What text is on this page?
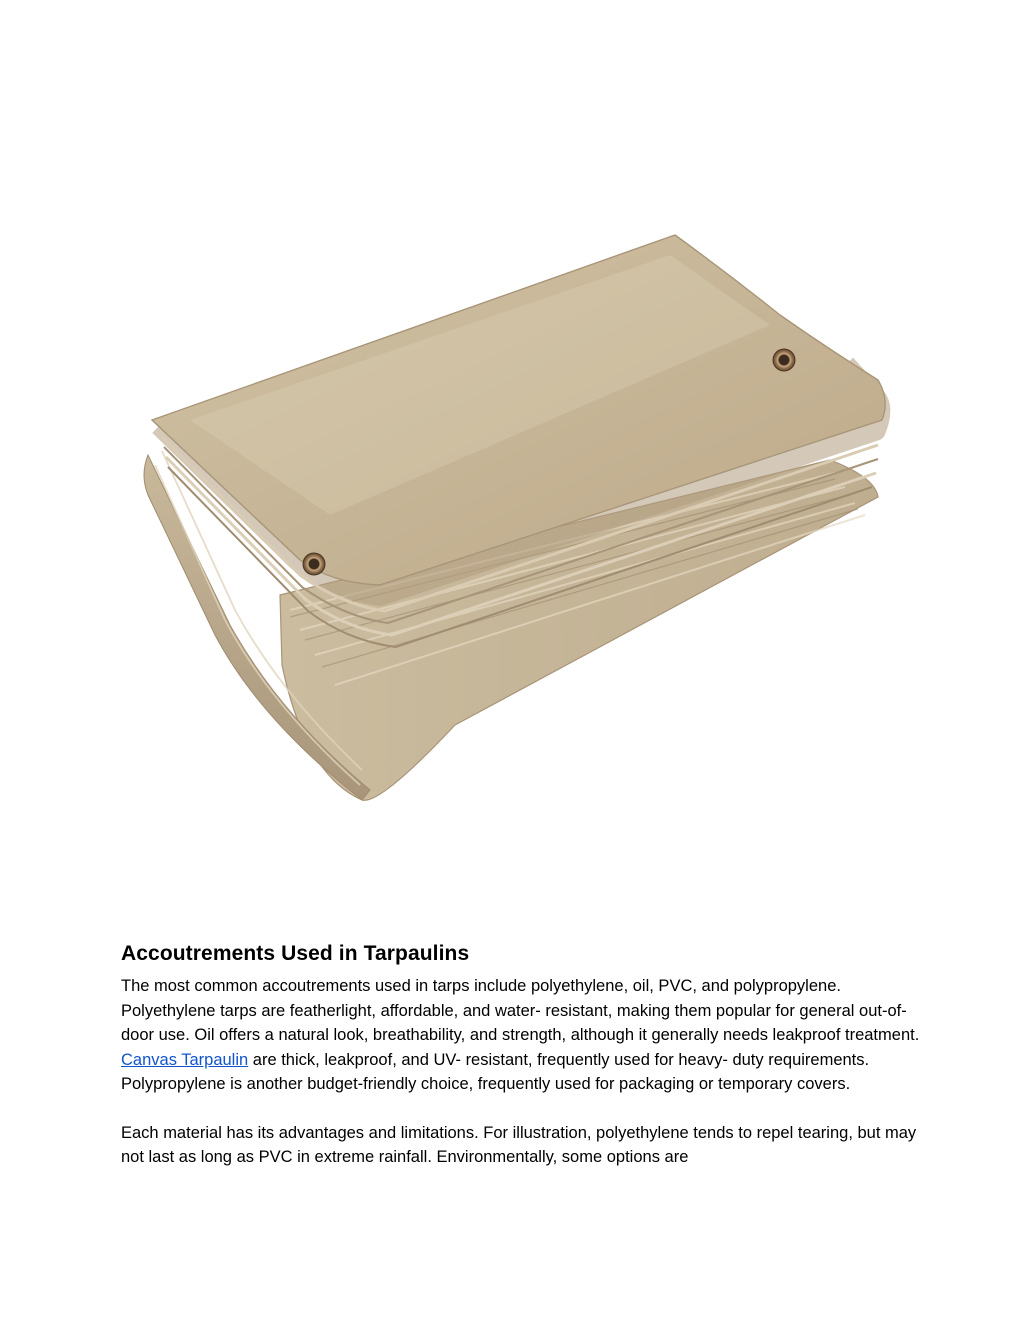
Accoutrements Used in Tarpaulins

The most common accoutrements used in tarps include polyethylene, oil, PVC, and polypropylene. Polyethylene tarps are featherlight, affordable, and water- resistant, making them popular for general out-of-door use. Oil offers a natural look, breathability, and strength, although it generally needs leakproof treatment. Canvas Tarpaulin are thick, leakproof, and UV- resistant, frequently used for heavy- duty requirements. Polypropylene is another budget-friendly choice, frequently used for packaging or temporary covers.

Each material has its advantages and limitations. For illustration, polyethylene tends to repel tearing, but may not last as long as PVC in extreme rainfall. Environmentally, some options are
